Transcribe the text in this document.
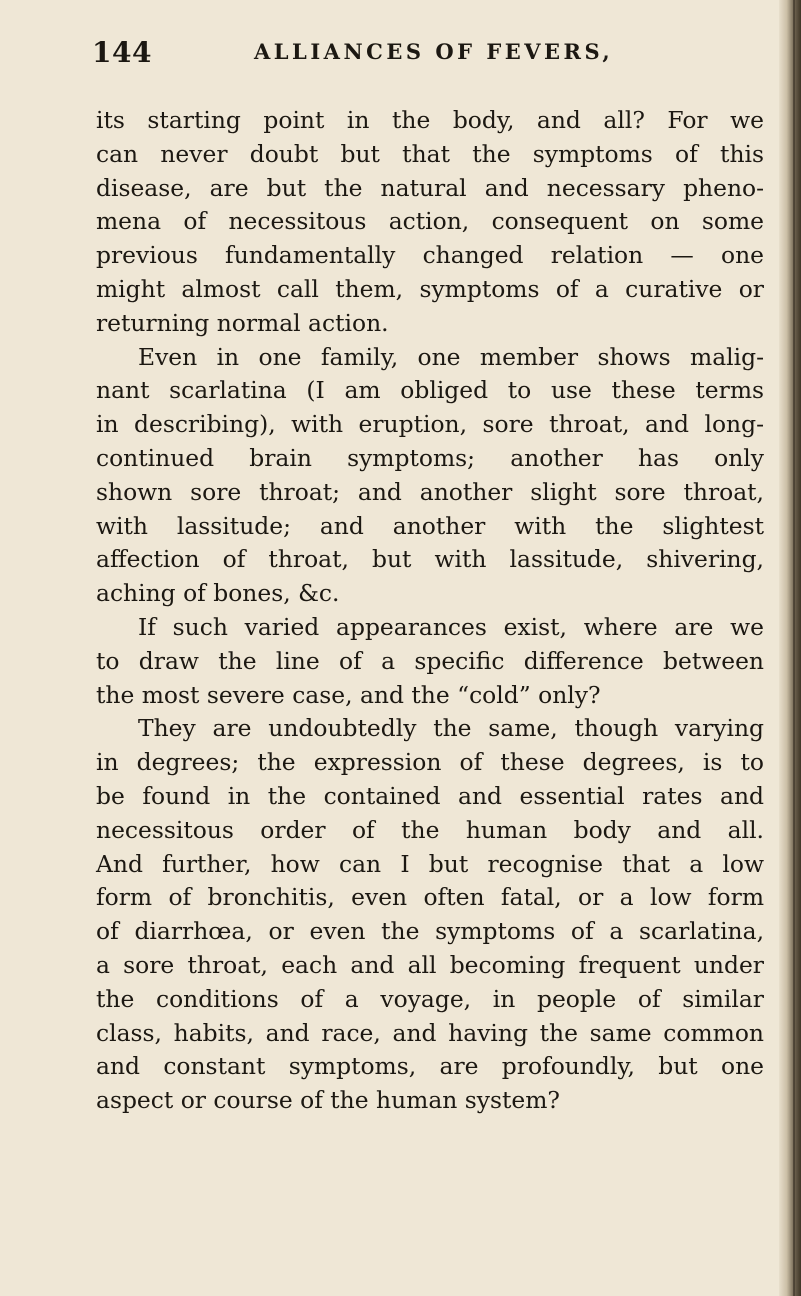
144	ALLIANCES OF FEVERS,
its starting point in the body, and all? For we
can never doubt but that the symptoms of this
disease, are but the natural and necessary pheno-
mena of necessitous action, consequent on some
previous fundamentally changed relation — one
might almost call them, symptoms of a curative or
returning normal action.
Even in one family, one member shows malig-
nant scarlatina (I am obliged to use these terms
in describing), with eruption, sore throat, and long-
continued brain symptoms; another has only
shown sore throat; and another slight sore throat,
with lassitude; and another with the slightest
affection of throat, but with lassitude, shivering,
aching of bones, &c.
If such varied appearances exist, where are we
to draw the line of a specific difference between
the most severe case, and the “cold” only?
They are undoubtedly the same, though varying
in degrees; the expression of these degrees, is to
be found in the contained and essential rates and
necessitous order of the human body and all.
And further, how can I but recognise that a low
form of bronchitis, even often fatal, or a low form
of diarrhœa, or even the symptoms of a scarlatina,
a sore throat, each and all becoming frequent under
the conditions of a voyage, in people of similar
class, habits, and race, and having the same common
and constant symptoms, are profoundly, but one
aspect or course of the human system?
